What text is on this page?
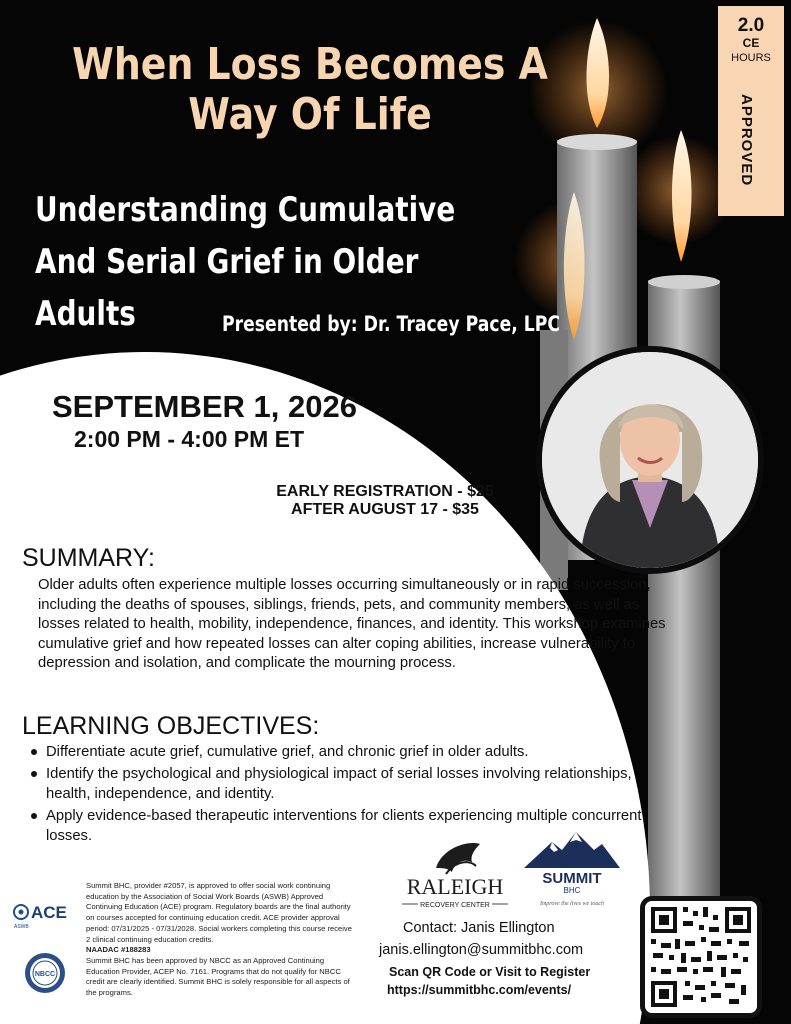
When Loss Becomes A Way Of Life
Understanding Cumulative
And Serial Grief in Older Adults	Presented by: Dr. Tracey Pace, LPC
2.0
CE
HOURS
APPROVED
SEPTEMBER 1, 2026
2:00 PM - 4:00 PM ET
EARLY REGISTRATION - $25
AFTER AUGUST 17 - $35
SUMMARY:
Older adults often experience multiple losses occurring simultaneously or in rapid succession, including the deaths of spouses, siblings, friends, pets, and community members, as well as losses related to health, mobility, independence, finances, and identity. This workshop examines cumulative grief and how repeated losses can alter coping abilities, increase vulnerability to depression and isolation, and complicate the mourning process.
LEARNING OBJECTIVES:
Differentiate acute grief, cumulative grief, and chronic grief in older adults.
Identify the psychological and physiological impact of serial losses involving relationships, health, independence, and identity.
Apply evidence-based therapeutic interventions for clients experiencing multiple concurrent losses.
ACE
ASWB
NBCC
Summit BHC, provider #2057, is approved to offer social work continuing education by the Association of Social Work Boards (ASWB) Approved Continuing Education (ACE) program. Regulatory boards are the final authority on courses accepted for continuing education credit. ACE provider approval period: 07/31/2025 - 07/31/2028. Social workers completing this course receive 2 clinical continuing education credits.
NAADAC #188283
Summit BHC has been approved by NBCC as an Approved Continuing Education Provider, ACEP No. 7161. Programs that do not qualify for NBCC credit are clearly identified. Summit BHC is solely responsible for all aspects of the programs.
RALEIGH
RECOVERY CENTER
SUMMIT
BHC
Improve the lives we touch
Contact: Janis Ellington
janis.ellington@summitbhc.com
Scan QR Code or Visit to Register
https://summitbhc.com/events/
